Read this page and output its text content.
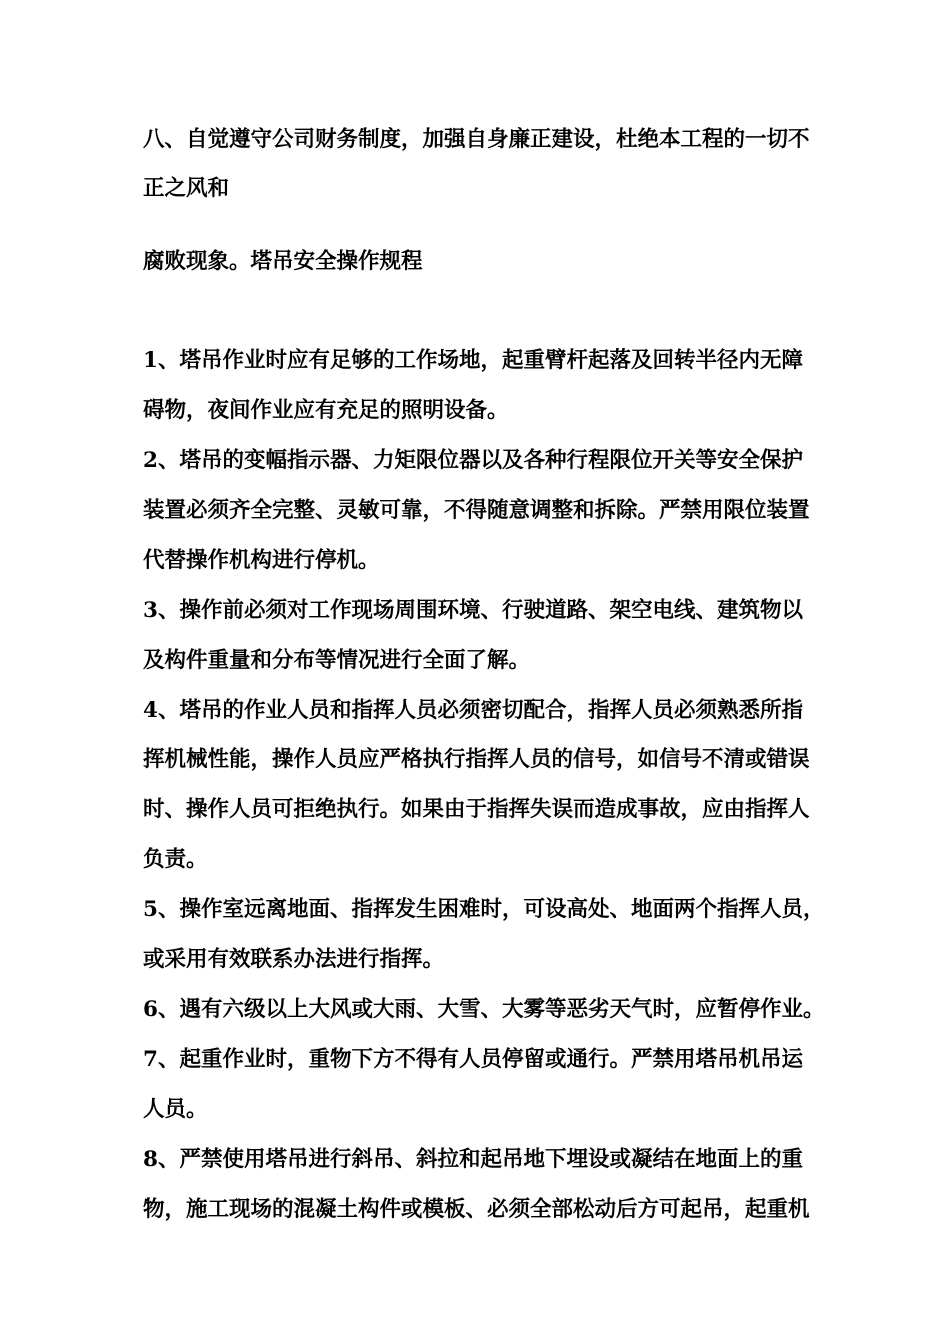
八、自觉遵守公司财务制度，加强自身廉正建设，杜绝本工程的一切不
正之风和
腐败现象。塔吊安全操作规程
1、塔吊作业时应有足够的工作场地，起重臂杆起落及回转半径内无障
碍物，夜间作业应有充足的照明设备。
2、塔吊的变幅指示器、力矩限位器以及各种行程限位开关等安全保护
装置必须齐全完整、灵敏可靠，不得随意调整和拆除。严禁用限位装置
代替操作机构进行停机。
3、操作前必须对工作现场周围环境、行驶道路、架空电线、建筑物以
及构件重量和分布等情况进行全面了解。
4、塔吊的作业人员和指挥人员必须密切配合，指挥人员必须熟悉所指
挥机械性能，操作人员应严格执行指挥人员的信号，如信号不清或错误
时、操作人员可拒绝执行。如果由于指挥失误而造成事故，应由指挥人
负责。
5、操作室远离地面、指挥发生困难时，可设高处、地面两个指挥人员，
或采用有效联系办法进行指挥。
6、遇有六级以上大风或大雨、大雪、大雾等恶劣天气时，应暂停作业。
7、起重作业时，重物下方不得有人员停留或通行。严禁用塔吊机吊运
人员。
8、严禁使用塔吊进行斜吊、斜拉和起吊地下埋设或凝结在地面上的重
物，施工现场的混凝土构件或模板、必须全部松动后方可起吊，起重机
